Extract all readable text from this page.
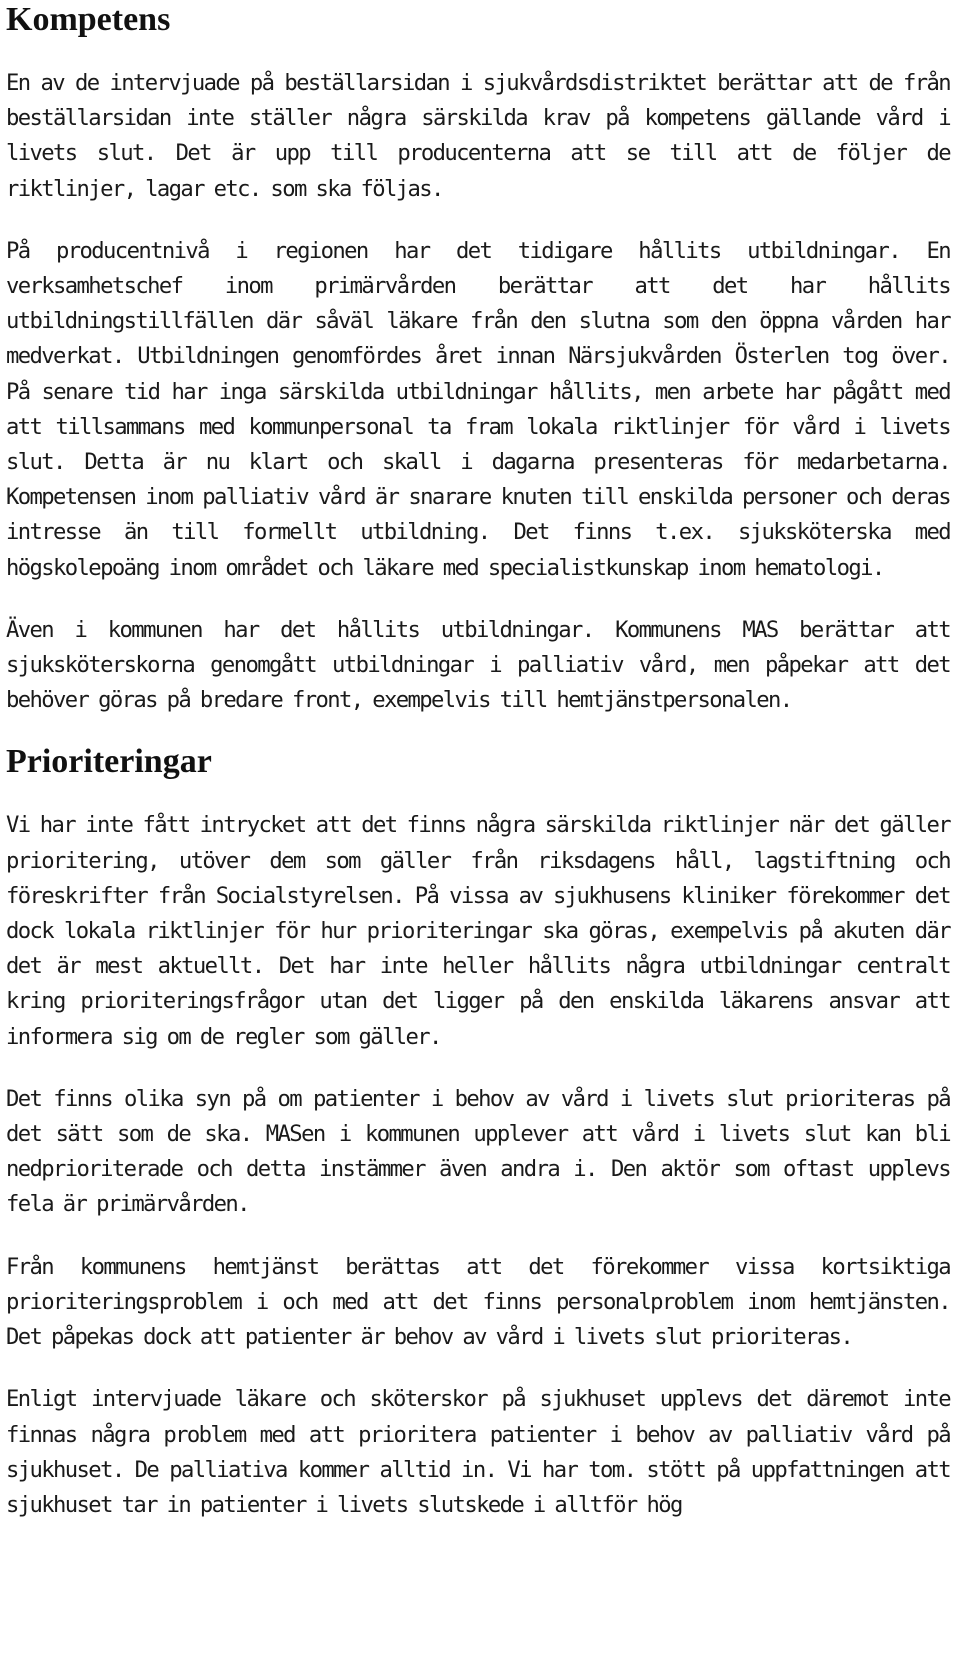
Kompetens

En av de intervjuade på beställarsidan i sjukvårdsdistriktet berättar att de från beställarsidan inte ställer några särskilda krav på kompetens gällande vård i livets slut. Det är upp till producenterna att se till att de följer de riktlinjer, lagar etc. som ska följas.

På producentnivå i regionen har det tidigare hållits utbildningar. En verksamhetschef inom primärvården berättar att det har hållits utbildningstillfällen där såväl läkare från den slutna som den öppna vården har medverkat. Utbildningen genomfördes året innan Närsjukvården Österlen tog över. På senare tid har inga särskilda utbildningar hållits, men arbete har pågått med att tillsammans med kommunpersonal ta fram lokala riktlinjer för vård i livets slut. Detta är nu klart och skall i dagarna presenteras för medarbetarna. Kompetensen inom palliativ vård är snarare knuten till enskilda personer och deras intresse än till formellt utbildning. Det finns t.ex. sjuksköterska med högskolepoäng inom området och läkare med specialistkunskap inom hematologi.

Även i kommunen har det hållits utbildningar. Kommunens MAS berättar att sjuksköterskorna genomgått utbildningar i palliativ vård, men påpekar att det behöver göras på bredare front, exempelvis till hemtjänstpersonalen.

Prioriteringar

Vi har inte fått intrycket att det finns några särskilda riktlinjer när det gäller prioritering, utöver dem som gäller från riksdagens håll, lagstiftning och föreskrifter från Socialstyrelsen. På vissa av sjukhusens kliniker förekommer det dock lokala riktlinjer för hur prioriteringar ska göras, exempelvis på akuten där det är mest aktuellt. Det har inte heller hållits några utbildningar centralt kring prioriteringsfrågor utan det ligger på den enskilda läkarens ansvar att informera sig om de regler som gäller.

Det finns olika syn på om patienter i behov av vård i livets slut prioriteras på det sätt som de ska. MASen i kommunen upplever att vård i livets slut kan bli nedprioriterade och detta instämmer även andra i. Den aktör som oftast upplevs fela är primärvården.

Från kommunens hemtjänst berättas att det förekommer vissa kortsiktiga prioriteringsproblem i och med att det finns personalproblem inom hemtjänsten. Det påpekas dock att patienter är behov av vård i livets slut prioriteras.

Enligt intervjuade läkare och sköterskor på sjukhuset upplevs det däremot inte finnas några problem med att prioritera patienter i behov av palliativ vård på sjukhuset. De palliativa kommer alltid in. Vi har tom. stött på uppfattningen att sjukhuset tar in patienter i livets slutskede i alltför hög
